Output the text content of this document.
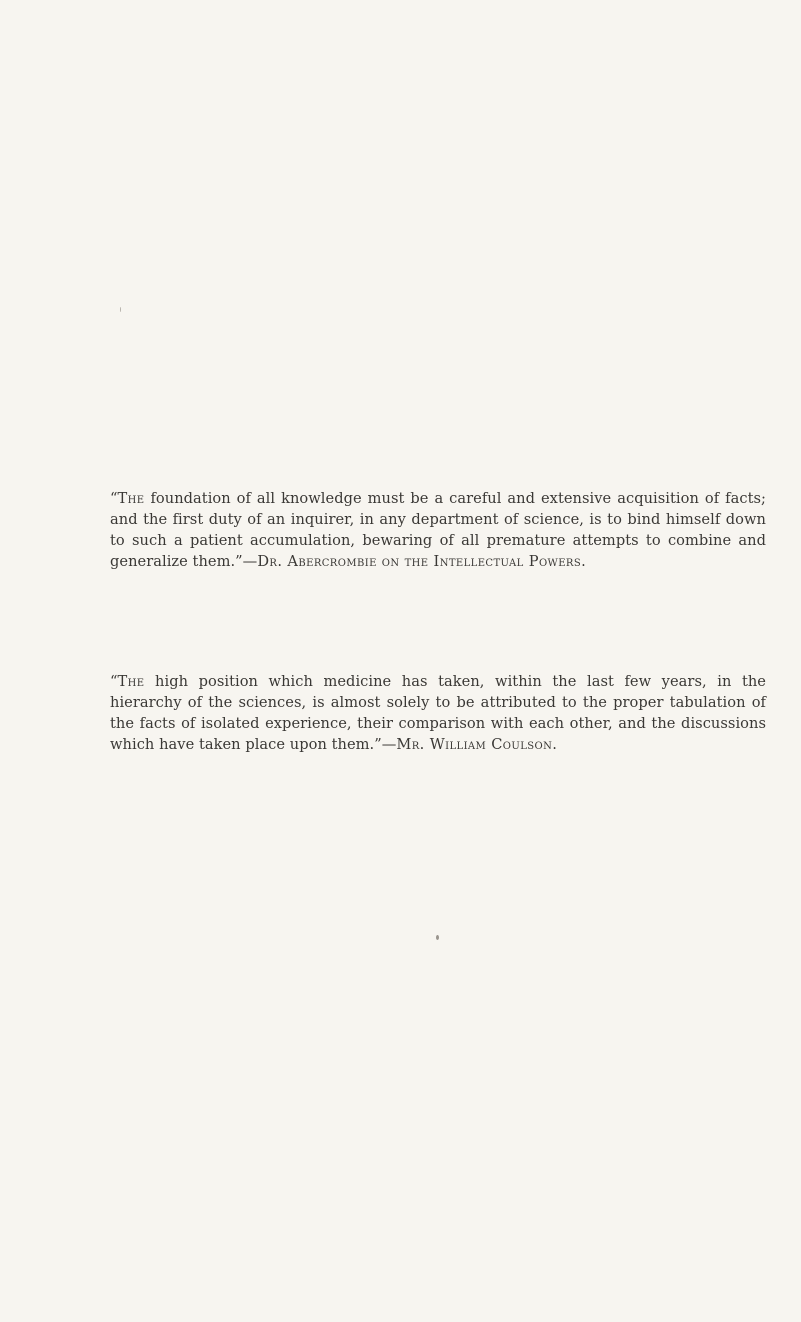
“The foundation of all knowledge must be a careful and extensive acquisition of facts; and the first duty of an inquirer, in any department of science, is to bind himself down to such a patient accumulation, bewaring of all premature attempts to combine and generalize them.”—Dr. Abercrombie on the Intellectual Powers.

“The high position which medicine has taken, within the last few years, in the hierarchy of the sciences, is almost solely to be attributed to the proper tabulation of the facts of isolated experience, their comparison with each other, and the discussions which have taken place upon them.”—Mr. William Coulson.
